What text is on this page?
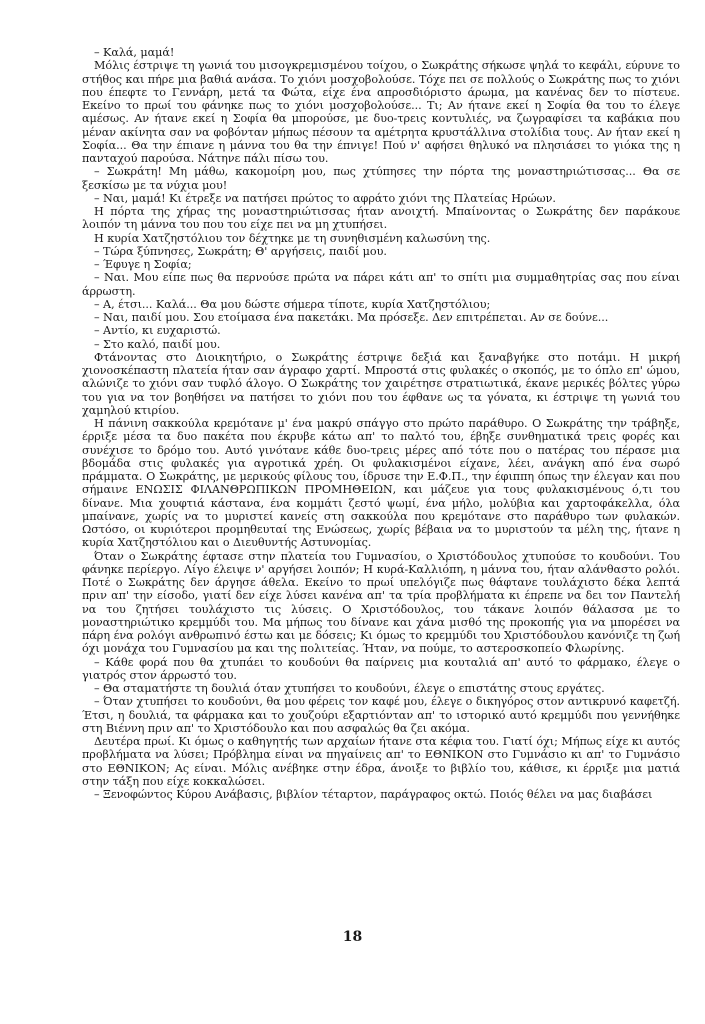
– Καλά, μαμά!

Μόλις έστριψε τη γωνιά του μισογκρεμισμένου τοίχου, ο Σωκράτης σήκωσε ψηλά το κεφάλι, εύρυνε το στήθος και πήρε μια βαθιά ανάσα. Το χιόνι μοσχοβολούσε. Τόχε πει σε πολλούς ο Σωκράτης πως το χιόνι που έπεφτε το Γεννάρη, μετά τα Φώτα, είχε ένα απροσδιόριστο άρωμα, μα κανένας δεν το πίστευε. Εκείνο το πρωί του φάνηκε πως το χιόνι μοσχοβολούσε... Τι; Αν ήτανε εκεί η Σοφία θα του το έλεγε αμέσως. Αν ήτανε εκεί η Σοφία θα μπορούσε, με δυο-τρεις κοντυλιές, να ζωγραφίσει τα καβάκια που μέναν ακίνητα σαν να φοβόνταν μήπως πέσουν τα αμέτρητα κρυστάλλινα στολίδια τους. Αν ήταν εκεί η Σοφία... Θα την έπιανε η μάννα του θα την έπνιγε! Πού ν' αφήσει θηλυκό να πλησιάσει το γιόκα της η πανταχού παρούσα. Νάτηνε πάλι πίσω του.

– Σωκράτη! Μη μάθω, κακομοίρη μου, πως χτύπησες την πόρτα της μοναστηριώτισσας... Θα σε ξεσκίσω με τα νύχια μου!

– Ναι, μαμά! Κι έτρεξε να πατήσει πρώτος το αφράτο χιόνι της Πλατείας Ηρώων.

Η πόρτα της χήρας της μοναστηριώτισσας ήταν ανοιχτή. Μπαίνοντας ο Σωκράτης δεν παράκουε λοιπόν τη μάννα του που του είχε πει να μη χτυπήσει.

Η κυρία Χατζηστόλιου τον δέχτηκε με τη συνηθισμένη καλωσύνη της.

– Τώρα ξύπνησες, Σωκράτη; Θ' αργήσεις, παιδί μου.

– Έφυγε η Σοφία;

– Ναι. Μου είπε πως θα περνούσε πρώτα να πάρει κάτι απ' το σπίτι μια συμμαθητρίας σας που είναι άρρωστη.

– Α, έτσι... Καλά... Θα μου δώστε σήμερα τίποτε, κυρία Χατζηστόλιου;

– Ναι, παιδί μου. Σου ετοίμασα ένα πακετάκι. Μα πρόσεξε. Δεν επιτρέπεται. Αν σε δούνε...

– Αντίο, κι ευχαριστώ.

– Στο καλό, παιδί μου.

Φτάνοντας στο Διοικητήριο, ο Σωκράτης έστριψε δεξιά και ξαναβγήκε στο ποτάμι. Η μικρή χιονοσκέπαστη πλατεία ήταν σαν άγραφο χαρτί. Μπροστά στις φυλακές ο σκοπός, με το όπλο επ' ώμου, αλώνιζε το χιόνι σαν τυφλό άλογο. Ο Σωκράτης τον χαιρέτησε στρατιωτικά, έκανε μερικές βόλτες γύρω του για να τον βοηθήσει να πατήσει το χιόνι που του έφθανε ως τα γόνατα, κι έστριψε τη γωνιά του χαμηλού κτιρίου.

Η πάνινη σακκούλα κρεμότανε μ' ένα μακρύ σπάγγο στο πρώτο παράθυρο. Ο Σωκράτης την τράβηξε, έρριξε μέσα τα δυο πακέτα που έκρυβε κάτω απ' το παλτό του, έβηξε συνθηματικά τρεις φορές και συνέχισε το δρόμο του. Αυτό γινότανε κάθε δυο-τρεις μέρες από τότε που ο πατέρας του πέρασε μια βδομάδα στις φυλακές για αγροτικά χρέη. Οι φυλακισμένοι είχανε, λέει, ανάγκη από ένα σωρό πράμματα. Ο Σωκράτης, με μερικούς φίλους του, ίδρυσε την Ε.Φ.Π., την έφιππη όπως την έλεγαν και που σήμαινε ΕΝΩΣΙΣ ΦΙΛΑΝΘΡΩΠΙΚΩΝ ΠΡΟΜΗΘΕΙΩΝ, και μάζευε για τους φυλακισμένους ό,τι του δίνανε. Μια χουφτιά κάστανα, ένα κομμάτι ζεστό ψωμί, ένα μήλο, μολύβια και χαρτοφάκελλα, όλα μπαίνανε, χωρίς να το μυριστεί κανείς στη σακκούλα που κρεμότανε στο παράθυρο των φυλακών. Ωστόσο, οι κυριότεροι προμηθευταί της Ενώσεως, χωρίς βέβαια να το μυριστούν τα μέλη της, ήτανε η κυρία Χατζηστόλιου και ο Διευθυντής Αστυνομίας.

Όταν ο Σωκράτης έφτασε στην πλατεία του Γυμνασίου, ο Χριστόδουλος χτυπούσε το κουδούνι. Του φάνηκε περίεργο. Λίγο έλειψε ν' αργήσει λοιπόν; Η κυρά-Καλλιόπη, η μάννα του, ήταν αλάνθαστο ρολόι. Ποτέ ο Σωκράτης δεν άργησε άθελα. Εκείνο το πρωί υπελόγιζε πως θάφτανε τουλάχιστο δέκα λεπτά πριν απ' την είσοδο, γιατί δεν είχε λύσει κανένα απ' τα τρία προβλήματα κι έπρεπε να δει τον Παντελή να του ζητήσει τουλάχιστο τις λύσεις. Ο Χριστόδουλος, του τάκανε λοιπόν θάλασσα με το μοναστηριώτικο κρεμμύδι του. Μα μήπως του δίνανε και χάνα μισθό της προκοπής για να μπορέσει να πάρη ένα ρολόγι ανθρωπινό έστω και με δόσεις; Κι όμως το κρεμμύδι του Χριστόδουλου κανόνιζε τη ζωή όχι μονάχα του Γυμνασίου μα και της πολιτείας. Ήταν, να πούμε, το αστεροσκοπείο Φλωρίνης.

– Κάθε φορά που θα χτυπάει το κουδούνι θα παίρνεις μια κουταλιά απ' αυτό το φάρμακο, έλεγε ο γιατρός στον άρρωστό του.

– Θα σταματήστε τη δουλιά όταν χτυπήσει το κουδούνι, έλεγε ο επιστάτης στους εργάτες.

– Όταν χτυπήσει το κουδούνι, θα μου φέρεις τον καφέ μου, έλεγε ο δικηγόρος στον αντικρυνό καφετζή. Έτσι, η δουλιά, τα φάρμακα και το χουζούρι εξαρτιόνταν απ' το ιστορικό αυτό κρεμμύδι που γεννήθηκε στη Βιέννη πριν απ' το Χριστόδουλο και που ασφαλώς θα ζει ακόμα.

Δευτέρα πρωί. Κι όμως ο καθηγητής των αρχαίων ήτανε στα κέφια του. Γιατί όχι; Μήπως είχε κι αυτός προβλήματα να λύσει; Πρόβλημα είναι να πηγαίνεις απ' το ΕΘΝΙΚΟΝ στο Γυμνάσιο κι απ' το Γυμνάσιο στο ΕΘΝΙΚΟΝ; Ας είναι. Μόλις ανέβηκε στην έδρα, άνοιξε το βιβλίο του, κάθισε, κι έρριξε μια ματιά στην τάξη που είχε κοκκαλώσει.

– Ξενοφώντος Κύρου Ανάβασις, βιβλίον τέταρτον, παράγραφος οκτώ. Ποιός θέλει να μας διαβάσει

18
